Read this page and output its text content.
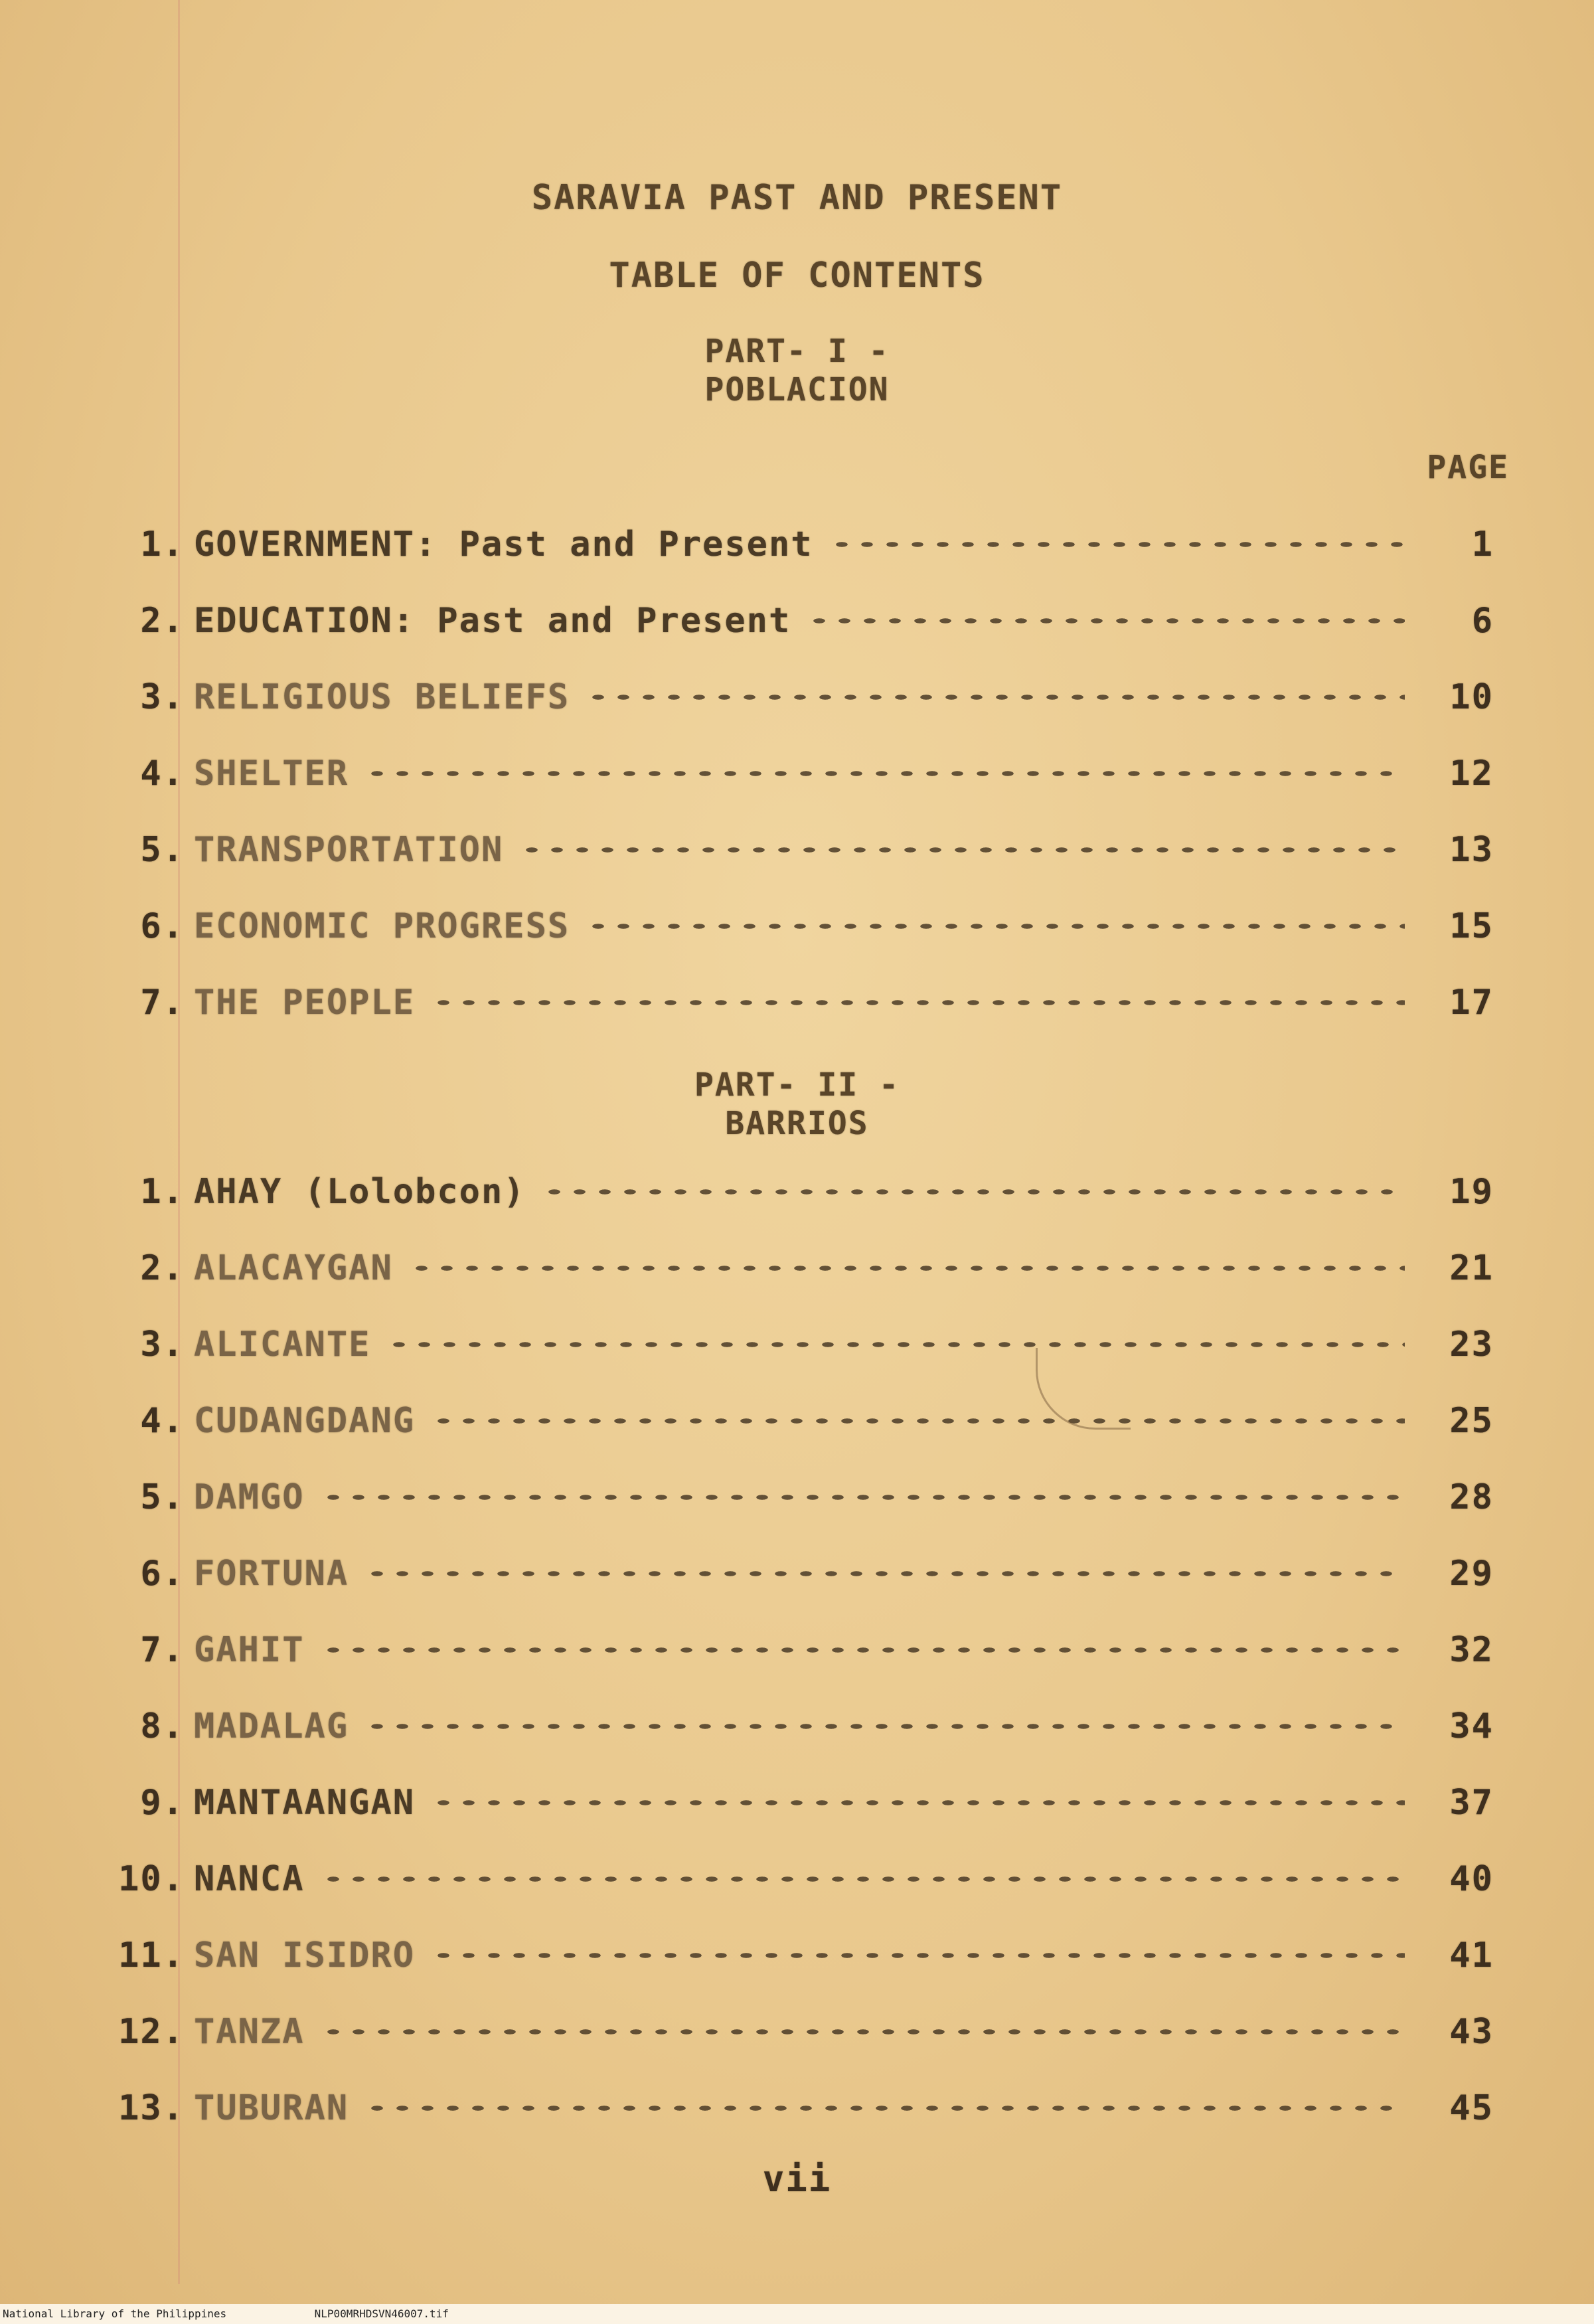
SARAVIA PAST AND PRESENT
TABLE OF CONTENTS
PART- I -
POBLACION
PAGE
1. GOVERNMENT: Past and Present	1
2. EDUCATION: Past and Present	6
3. RELIGIOUS BELIEFS	10
4. SHELTER	12
5. TRANSPORTATION	13
6. ECONOMIC PROGRESS	15
7. THE PEOPLE	17
PART- II -
BARRIOS
1. AHAY (Lolobcon)	19
2. ALACAYGAN	21
3. ALICANTE	23
4. CUDANGDANG	25
5. DAMGO	28
6. FORTUNA	29
7. GAHIT	32
8. MADALAG	34
9. MANTAANGAN	37
10. NANCA	40
11. SAN ISIDRO	41
12. TANZA	43
13. TUBURAN	45
vii
National Library of the Philippines	NLP00MRHDSVN46007.tif
